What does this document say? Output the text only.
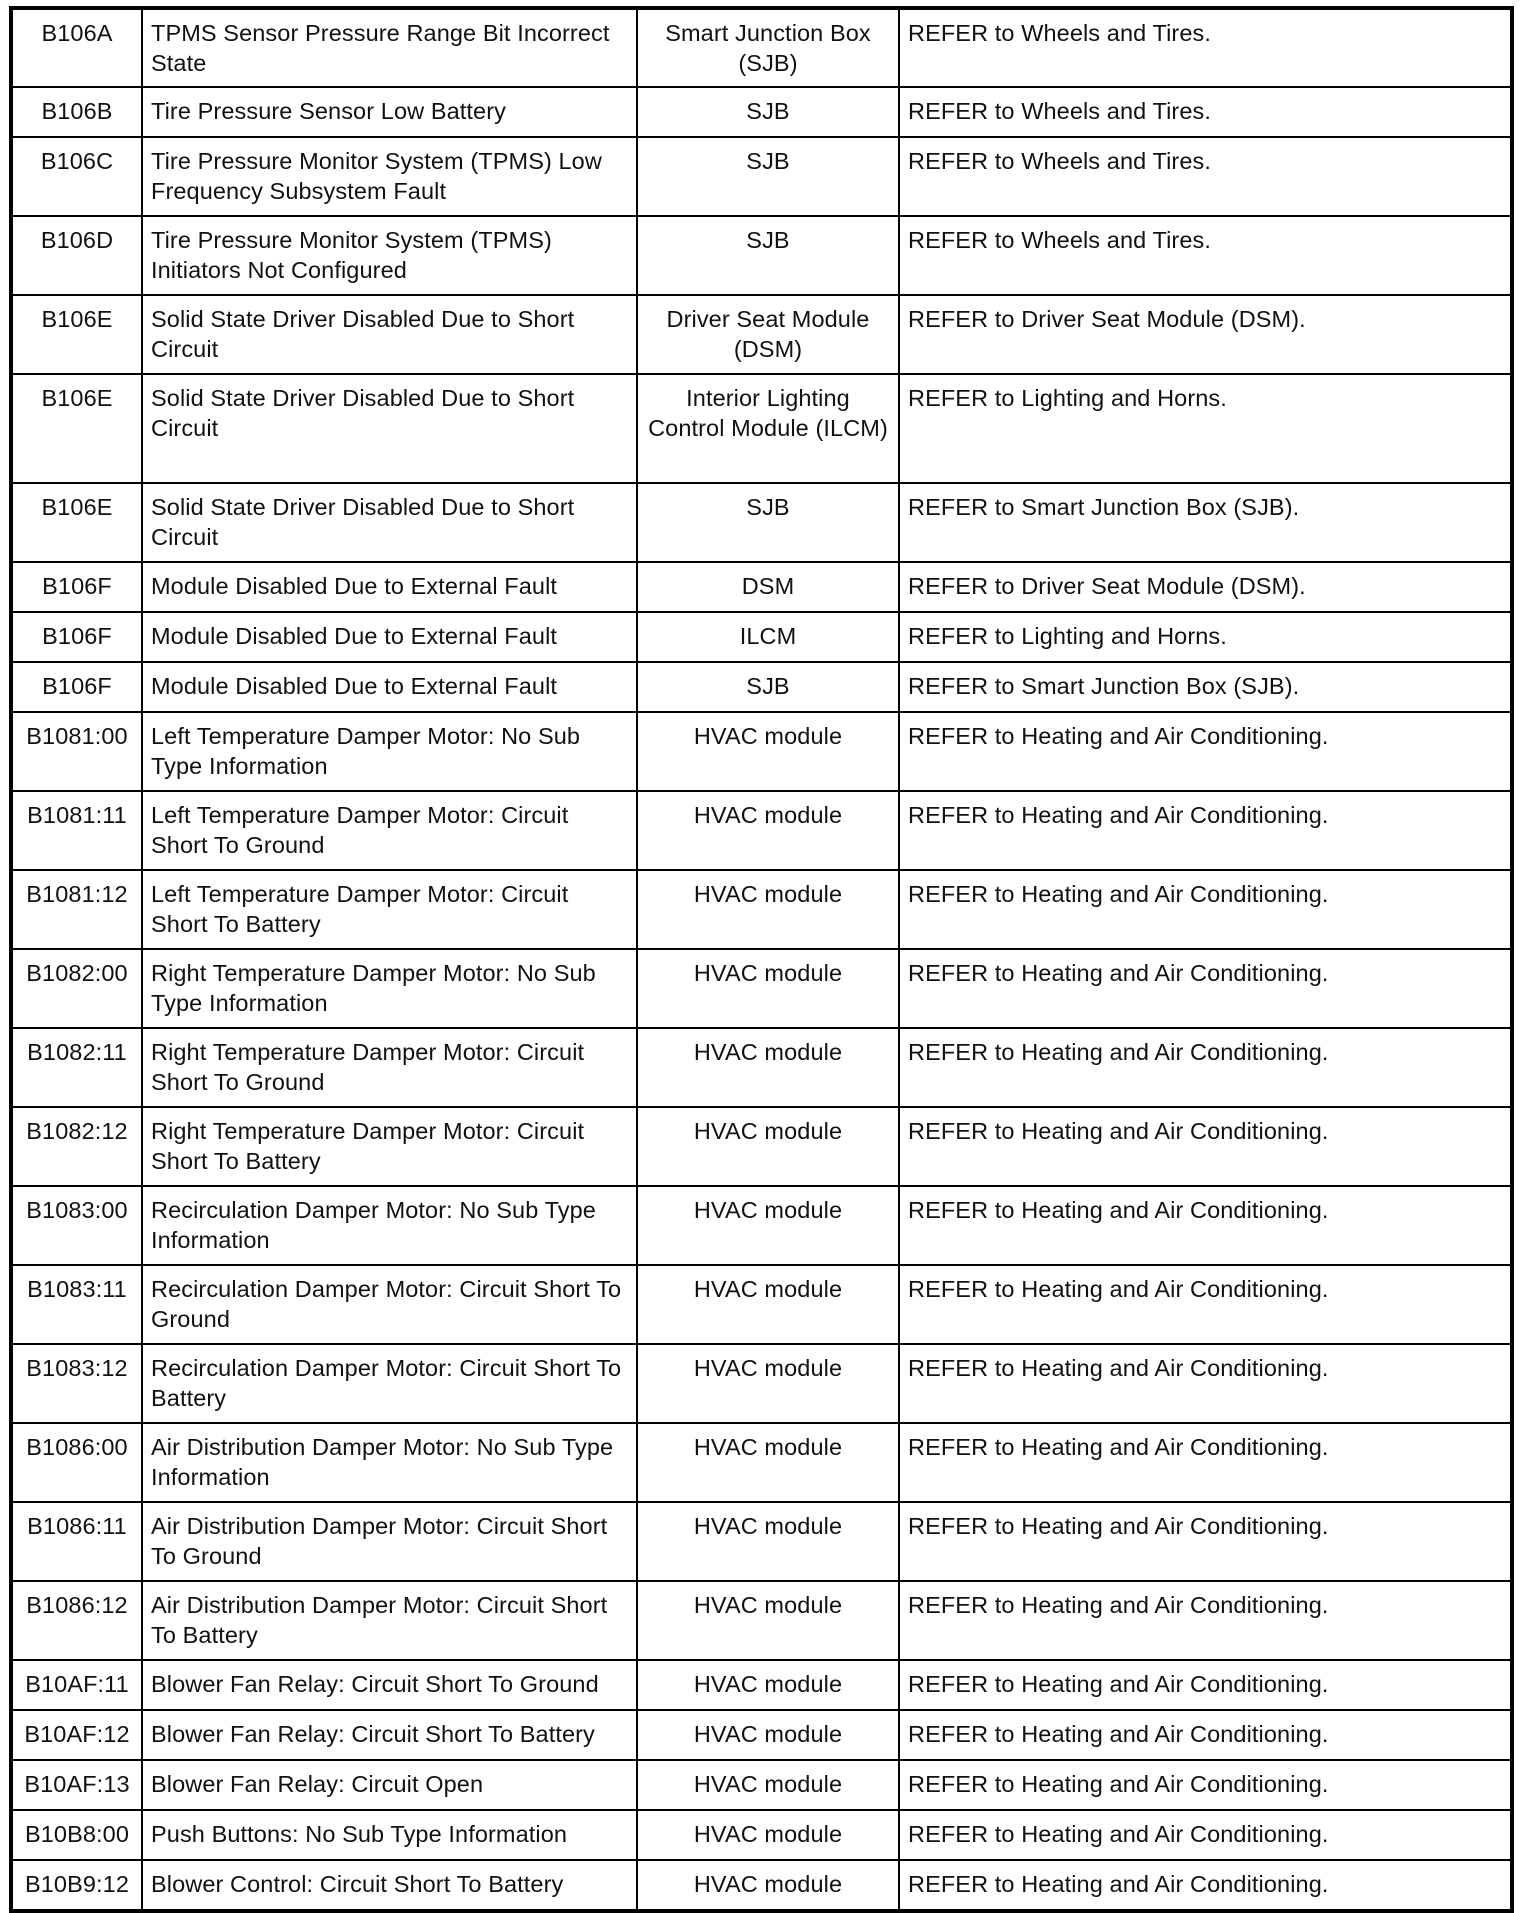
B106A	TPMS Sensor Pressure Range Bit Incorrect State	Smart Junction Box (SJB)	REFER to Wheels and Tires.
B106B	Tire Pressure Sensor Low Battery	SJB	REFER to Wheels and Tires.
B106C	Tire Pressure Monitor System (TPMS) Low Frequency Subsystem Fault	SJB	REFER to Wheels and Tires.
B106D	Tire Pressure Monitor System (TPMS) Initiators Not Configured	SJB	REFER to Wheels and Tires.
B106E	Solid State Driver Disabled Due to Short Circuit	Driver Seat Module (DSM)	REFER to Driver Seat Module (DSM).
B106E	Solid State Driver Disabled Due to Short Circuit	Interior Lighting Control Module (ILCM)	REFER to Lighting and Horns.
B106E	Solid State Driver Disabled Due to Short Circuit	SJB	REFER to Smart Junction Box (SJB).
B106F	Module Disabled Due to External Fault	DSM	REFER to Driver Seat Module (DSM).
B106F	Module Disabled Due to External Fault	ILCM	REFER to Lighting and Horns.
B106F	Module Disabled Due to External Fault	SJB	REFER to Smart Junction Box (SJB).
B1081:00	Left Temperature Damper Motor: No Sub Type Information	HVAC module	REFER to Heating and Air Conditioning.
B1081:11	Left Temperature Damper Motor: Circuit Short To Ground	HVAC module	REFER to Heating and Air Conditioning.
B1081:12	Left Temperature Damper Motor: Circuit Short To Battery	HVAC module	REFER to Heating and Air Conditioning.
B1082:00	Right Temperature Damper Motor: No Sub Type Information	HVAC module	REFER to Heating and Air Conditioning.
B1082:11	Right Temperature Damper Motor: Circuit Short To Ground	HVAC module	REFER to Heating and Air Conditioning.
B1082:12	Right Temperature Damper Motor: Circuit Short To Battery	HVAC module	REFER to Heating and Air Conditioning.
B1083:00	Recirculation Damper Motor: No Sub Type Information	HVAC module	REFER to Heating and Air Conditioning.
B1083:11	Recirculation Damper Motor: Circuit Short To Ground	HVAC module	REFER to Heating and Air Conditioning.
B1083:12	Recirculation Damper Motor: Circuit Short To Battery	HVAC module	REFER to Heating and Air Conditioning.
B1086:00	Air Distribution Damper Motor: No Sub Type Information	HVAC module	REFER to Heating and Air Conditioning.
B1086:11	Air Distribution Damper Motor: Circuit Short To Ground	HVAC module	REFER to Heating and Air Conditioning.
B1086:12	Air Distribution Damper Motor: Circuit Short To Battery	HVAC module	REFER to Heating and Air Conditioning.
B10AF:11	Blower Fan Relay: Circuit Short To Ground	HVAC module	REFER to Heating and Air Conditioning.
B10AF:12	Blower Fan Relay: Circuit Short To Battery	HVAC module	REFER to Heating and Air Conditioning.
B10AF:13	Blower Fan Relay: Circuit Open	HVAC module	REFER to Heating and Air Conditioning.
B10B8:00	Push Buttons: No Sub Type Information	HVAC module	REFER to Heating and Air Conditioning.
B10B9:12	Blower Control: Circuit Short To Battery	HVAC module	REFER to Heating and Air Conditioning.
